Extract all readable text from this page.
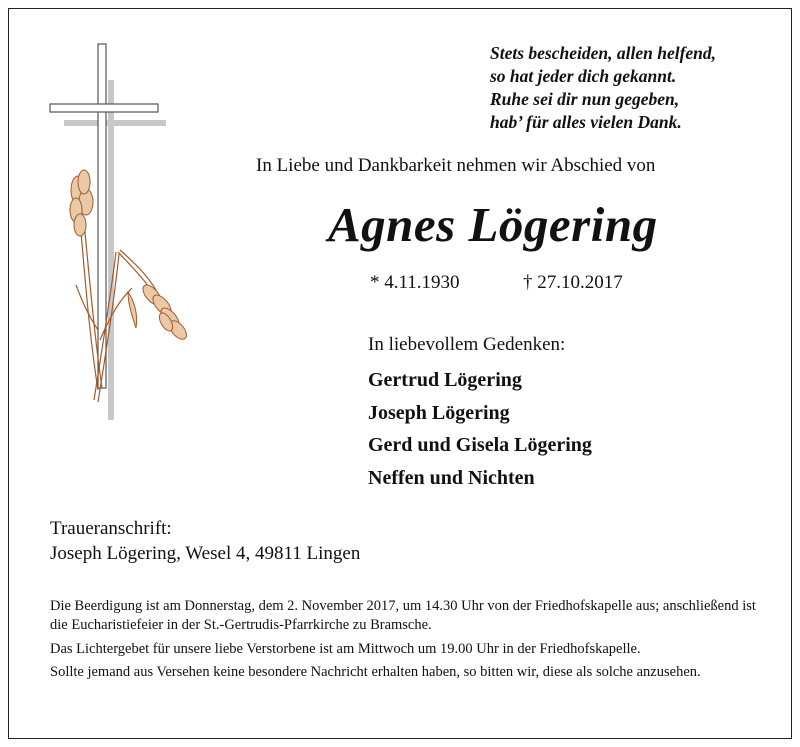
Stets bescheiden, allen helfend,
so hat jeder dich gekannt.
Ruhe sei dir nun gegeben,
hab’ für alles vielen Dank.
In Liebe und Dankbarkeit nehmen wir Abschied von
Agnes Lögering
* 4.11.1930	† 27.10.2017
In liebevollem Gedenken:
Gertrud Lögering
Joseph Lögering
Gerd und Gisela Lögering
Neffen und Nichten
Traueranschrift:
Joseph Lögering, Wesel 4, 49811 Lingen

Die Beerdigung ist am Donnerstag, dem 2. November 2017, um 14.30 Uhr von der Friedhofskapelle aus; anschließend ist die Eucharistiefeier in der St.-Gertrudis-Pfarrkirche zu Bramsche.

Das Lichtergebet für unsere liebe Verstorbene ist am Mittwoch um 19.00 Uhr in der Friedhofskapelle.

Sollte jemand aus Versehen keine besondere Nachricht erhalten haben, so bitten wir, diese als solche anzusehen.
